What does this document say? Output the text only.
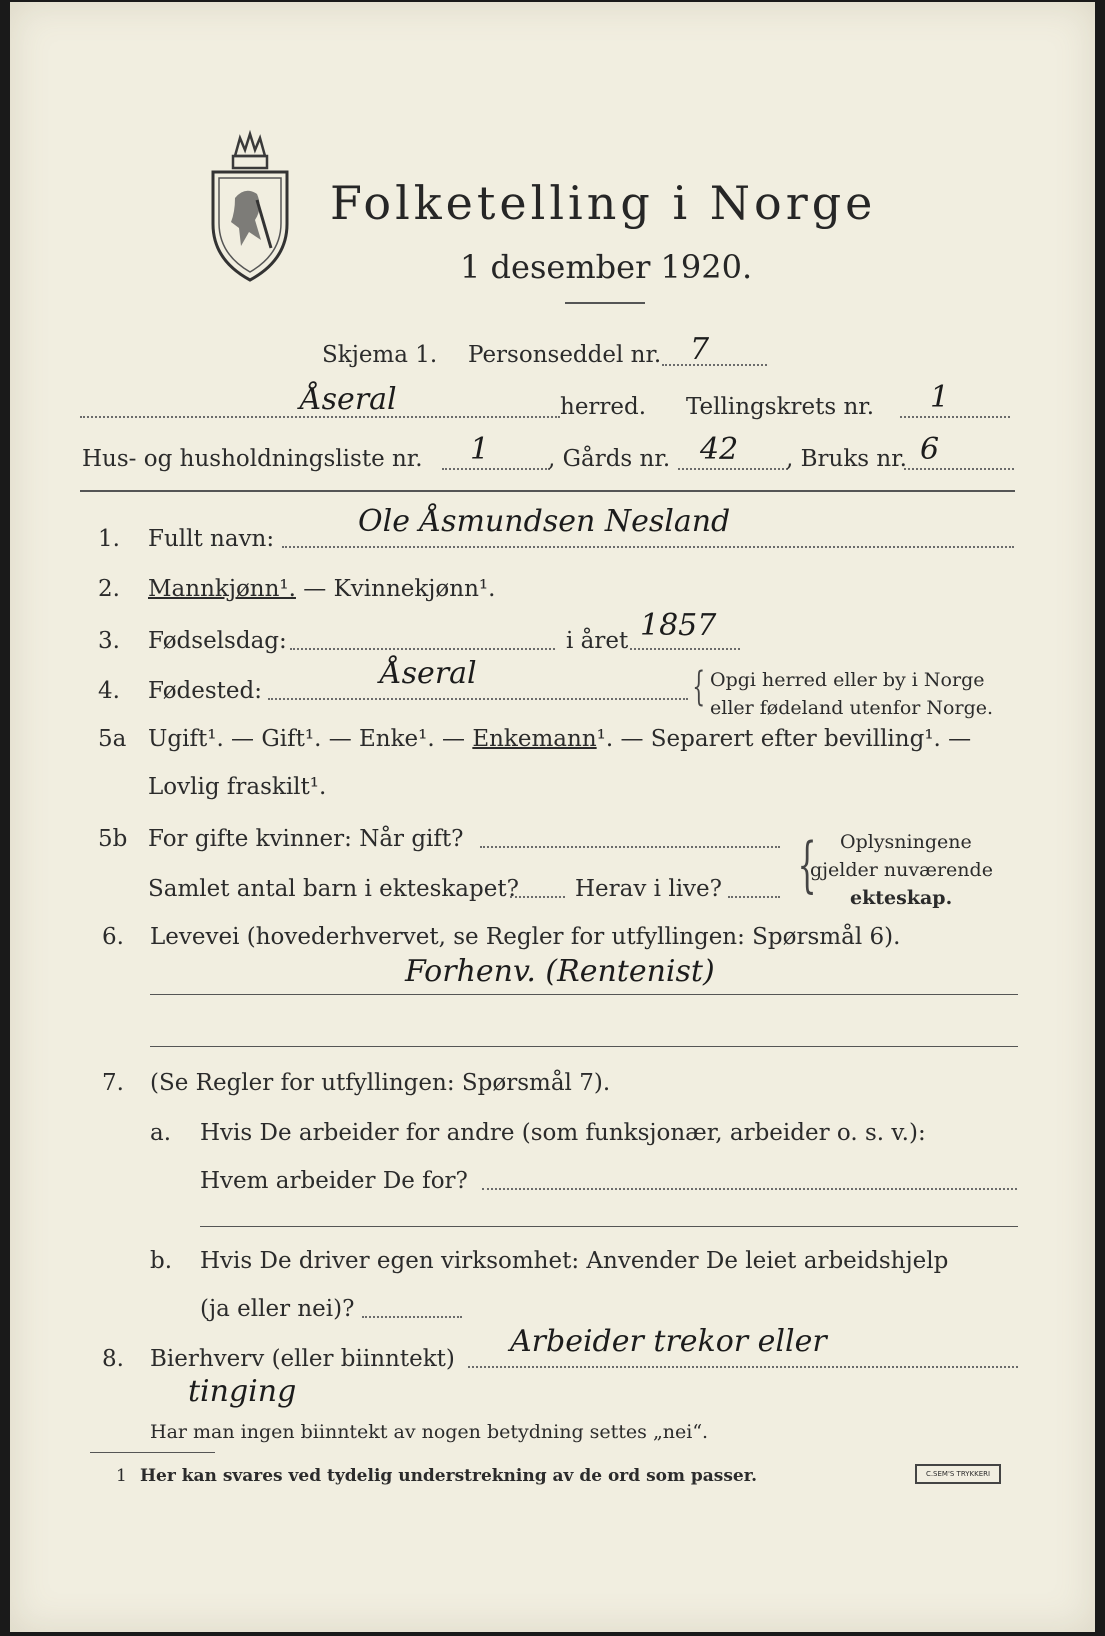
Folketelling i Norge
1 desember 1920.
Skjema 1. Personseddel nr. 7
Åseral	herred. Tellingskrets nr. 1
Hus- og husholdningsliste nr. 1	, Gårds nr. 42 , Bruks nr. 6
1. Fullt navn:	Ole Åsmundsen Nesland
2. Mannkjønn¹. — Kvinnekjønn¹.
3. Fødselsdag:	i året 1857
4. Fødested:	Åseral	{ Opgi herred eller by i Norge
eller fødeland utenfor Norge.
5a Ugift¹. — Gift¹. — Enke¹. — Enkemann¹. — Separert efter bevilling¹. —
Lovlig fraskilt¹.
5b For gifte kvinner: Når gift?
Samlet antal barn i ekteskapet? Herav i live? { Oplysningene
gjelder nuværende
ekteskap.
6. Levevei (hovederhvervet, se Regler for utfyllingen: Spørsmål 6).
Forhenv. (Rentenist)
7. (Se Regler for utfyllingen: Spørsmål 7).
a. Hvis De arbeider for andre (som funksjonær, arbeider o. s. v.):
Hvem arbeider De for?
b. Hvis De driver egen virksomhet: Anvender De leiet arbeidshjelp
(ja eller nei)?
8. Bierhverv (eller biinntekt) Arbeider trekor eller
tinging
Har man ingen biinntekt av nogen betydning settes „nei“.
1 Her kan svares ved tydelig understrekning av de ord som passer.	C.SEM'S TRYKKERI
